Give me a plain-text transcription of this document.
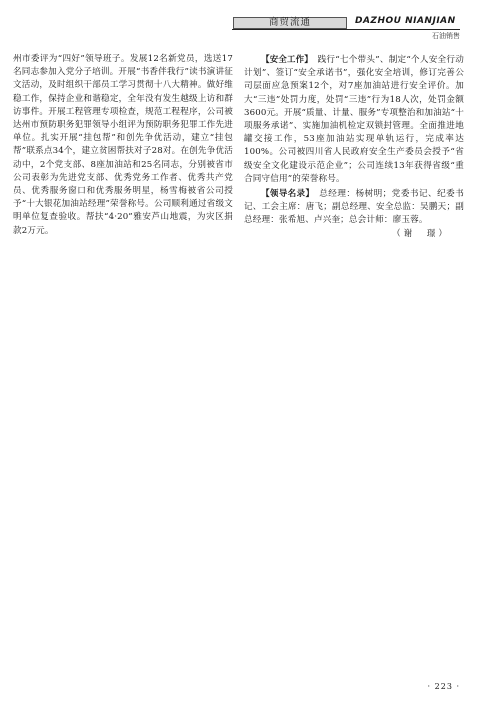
商贸流通	DAZHOU NIANJIAN
石油销售

州市委评为“四好”领导班子。发展12名新党员，选送17名同志参加入党分子培训。开展“书香伴我行”读书演讲征文活动，及时组织干部员工学习贯彻十八大精神。做好维稳工作，保持企业和谐稳定，全年没有发生越级上访和群访事件。开展工程管理专项检查，规范工程程序，公司被达州市预防职务犯罪领导小组评为预防职务犯罪工作先进单位。扎实开展“挂包帮”和创先争优活动，建立“挂包帮”联系点34个，建立贫困帮扶对子28对。在创先争优活动中，2个党支部、8座加油站和25名同志，分别被省市公司表彰为先进党支部、优秀党务工作者、优秀共产党员、优秀服务窗口和优秀服务明星，杨雪梅被省公司授予“十大银花加油站经理”荣誉称号。公司顺利通过省级文明单位复查验收。帮扶“4·20”雅安芦山地震，为灾区捐款2万元。

【安全工作】　 践行“七个带头”、制定“个人安全行动计划”、签订“安全承诺书”，强化安全培训，修订完善公司层面应急预案12个，对7座加油站进行安全评价。加大“三违”处罚力度，处罚“三违”行为18人次，处罚金额3600元。开展“质量、计量、服务”专项整治和加油站“十项服务承诺”、实施加油机检定双锁封管理。全面推进地罐交接工作，53座加油站实现单轨运行，完成率达100%。公司被四川省人民政府安全生产委员会授予“省级安全文化建设示范企业”；公司连续13年获得省级“重合同守信用”的荣誉称号。

【领导名录】　 总经理：杨树明；党委书记、纪委书记、工会主席：唐飞；副总经理、安全总监：吴鹏天；副总经理：张希旭、卢兴奎；总会计师：廖玉蓉。

（谢　璟）
· 223 ·
